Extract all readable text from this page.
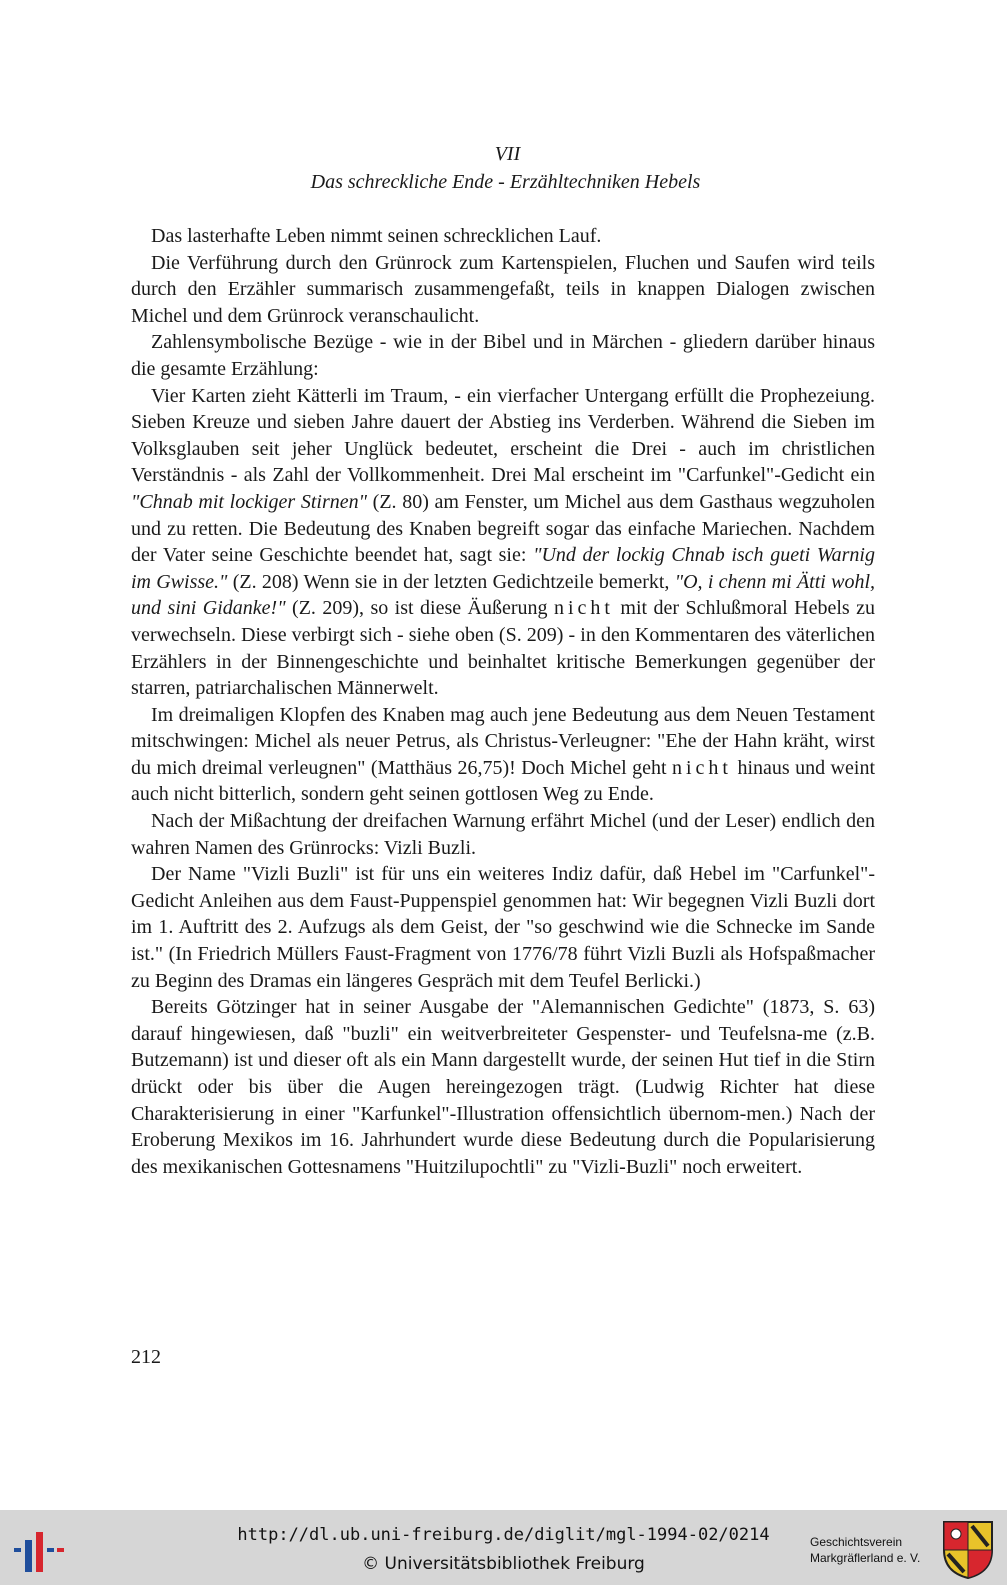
VII
Das schreckliche Ende - Erzähltechniken Hebels

Das lasterhafte Leben nimmt seinen schrecklichen Lauf.

Die Verführung durch den Grünrock zum Kartenspielen, Fluchen und Saufen wird teils durch den Erzähler summarisch zusammengefaßt, teils in knappen Dialogen zwischen Michel und dem Grünrock veranschaulicht.

Zahlensymbolische Bezüge - wie in der Bibel und in Märchen - gliedern darüber hinaus die gesamte Erzählung:

Vier Karten zieht Kätterli im Traum, - ein vierfacher Untergang erfüllt die Prophezeiung. Sieben Kreuze und sieben Jahre dauert der Abstieg ins Verderben. Während die Sieben im Volksglauben seit jeher Unglück bedeutet, erscheint die Drei - auch im christlichen Verständnis - als Zahl der Vollkommenheit. Drei Mal erscheint im "Carfunkel"-Gedicht ein "Chnab mit lockiger Stirnen" (Z. 80) am Fenster, um Michel aus dem Gasthaus wegzuholen und zu retten. Die Bedeutung des Knaben begreift sogar das einfache Mariechen. Nachdem der Vater seine Geschichte beendet hat, sagt sie: "Und der lockig Chnab isch gueti Warnig im Gwisse." (Z. 208) Wenn sie in der letzten Gedichtzeile bemerkt, "O, i chenn mi Ätti wohl, und sini Gidanke!" (Z. 209), so ist diese Äußerung nicht mit der Schlußmoral Hebels zu verwechseln. Diese verbirgt sich - siehe oben (S. 209) - in den Kommentaren des väterlichen Erzählers in der Binnengeschichte und beinhaltet kritische Bemerkungen gegenüber der starren, patriarchalischen Männerwelt.

Im dreimaligen Klopfen des Knaben mag auch jene Bedeutung aus dem Neuen Testament mitschwingen: Michel als neuer Petrus, als Christus-Verleugner: "Ehe der Hahn kräht, wirst du mich dreimal verleugnen" (Matthäus 26,75)! Doch Michel geht nicht hinaus und weint auch nicht bitterlich, sondern geht seinen gottlosen Weg zu Ende.

Nach der Mißachtung der dreifachen Warnung erfährt Michel (und der Leser) endlich den wahren Namen des Grünrocks: Vizli Buzli.

Der Name "Vizli Buzli" ist für uns ein weiteres Indiz dafür, daß Hebel im "Carfunkel"-Gedicht Anleihen aus dem Faust-Puppenspiel genommen hat: Wir begegnen Vizli Buzli dort im 1. Auftritt des 2. Aufzugs als dem Geist, der "so geschwind wie die Schnecke im Sande ist." (In Friedrich Müllers Faust-Fragment von 1776/78 führt Vizli Buzli als Hofspaßmacher zu Beginn des Dramas ein längeres Gespräch mit dem Teufel Berlicki.)

Bereits Götzinger hat in seiner Ausgabe der "Alemannischen Gedichte" (1873, S. 63) darauf hingewiesen, daß "buzli" ein weitverbreiteter Gespenster- und Teufelsna-me (z.B. Butzemann) ist und dieser oft als ein Mann dargestellt wurde, der seinen Hut tief in die Stirn drückt oder bis über die Augen hereingezogen trägt. (Ludwig Richter hat diese Charakterisierung in einer "Karfunkel"-Illustration offensichtlich übernom-men.) Nach der Eroberung Mexikos im 16. Jahrhundert wurde diese Bedeutung durch die Popularisierung des mexikanischen Gottesnamens "Huitzilupochtli" zu "Vizli-Buzli" noch erweitert.

212
http://dl.ub.uni-freiburg.de/diglit/mgl-1994-02/0214
© Universitätsbibliothek Freiburg
Geschichtsverein
Markgräflerland e. V.
